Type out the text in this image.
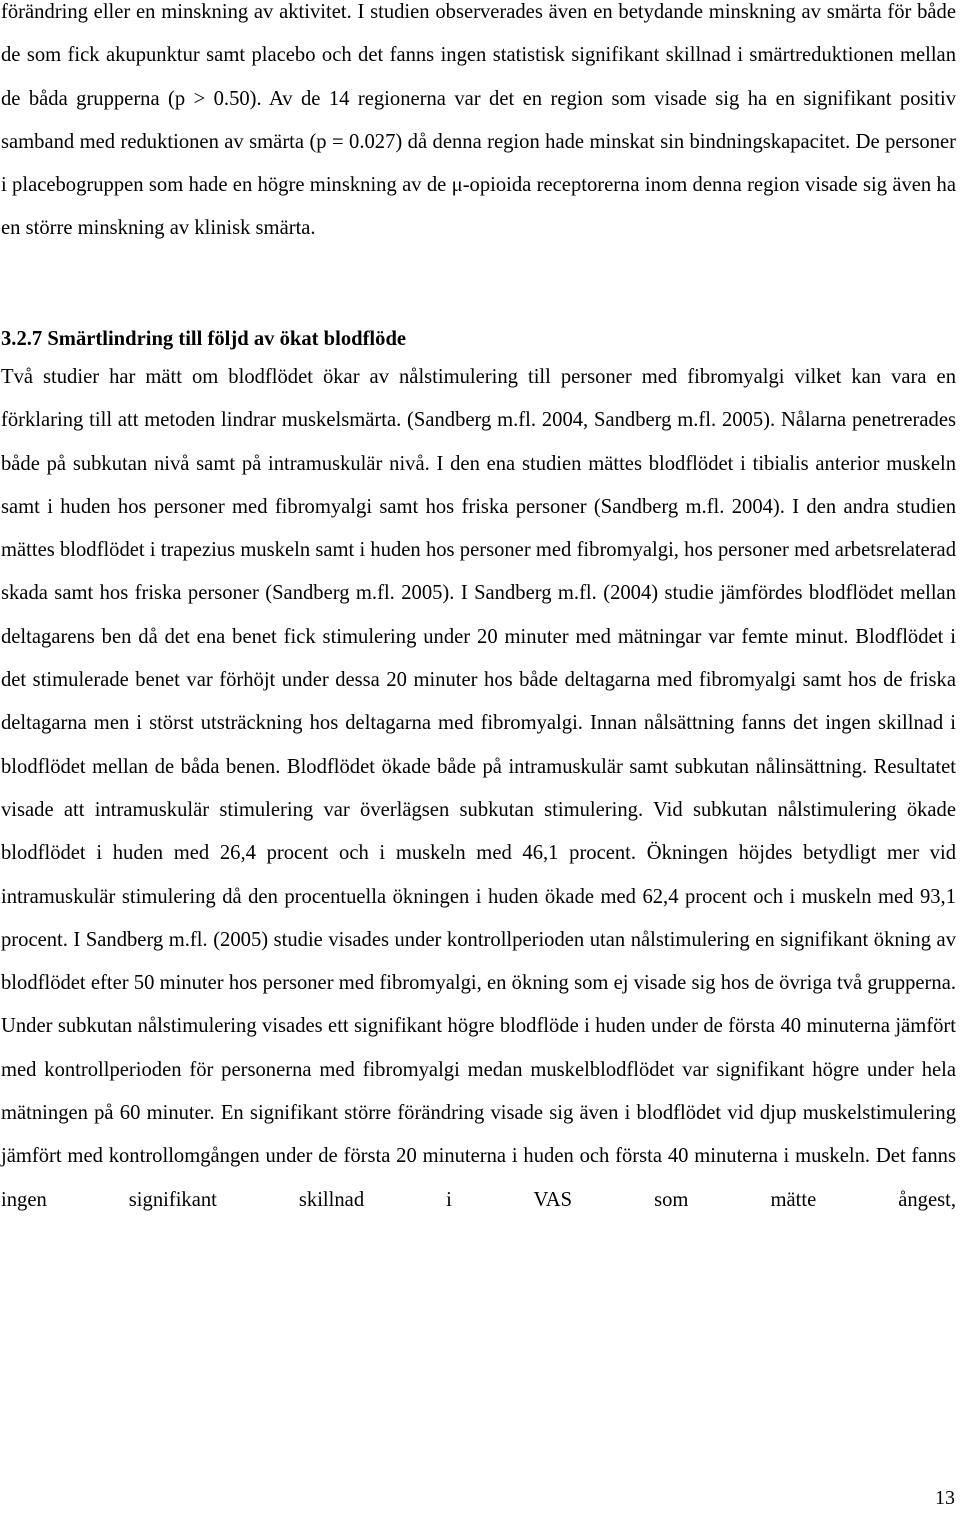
förändring eller en minskning av aktivitet. I studien observerades även en betydande minskning av smärta för både de som fick akupunktur samt placebo och det fanns ingen statistisk signifikant skillnad i smärtreduktionen mellan de båda grupperna (p > 0.50). Av de 14 regionerna var det en region som visade sig ha en signifikant positiv samband med reduktionen av smärta (p = 0.027) då denna region hade minskat sin bindningskapacitet. De personer i placebogruppen som hade en högre minskning av de μ-opioida receptorerna inom denna region visade sig även ha en större minskning av klinisk smärta.

3.2.7 Smärtlindring till följd av ökat blodflöde

Två studier har mätt om blodflödet ökar av nålstimulering till personer med fibromyalgi vilket kan vara en förklaring till att metoden lindrar muskelsmärta. (Sandberg m.fl. 2004, Sandberg m.fl. 2005). Nålarna penetrerades både på subkutan nivå samt på intramuskulär nivå. I den ena studien mättes blodflödet i tibialis anterior muskeln samt i huden hos personer med fibromyalgi samt hos friska personer (Sandberg m.fl. 2004). I den andra studien mättes blodflödet i trapezius muskeln samt i huden hos personer med fibromyalgi, hos personer med arbetsrelaterad skada samt hos friska personer (Sandberg m.fl. 2005). I Sandberg m.fl. (2004) studie jämfördes blodflödet mellan deltagarens ben då det ena benet fick stimulering under 20 minuter med mätningar var femte minut. Blodflödet i det stimulerade benet var förhöjt under dessa 20 minuter hos både deltagarna med fibromyalgi samt hos de friska deltagarna men i störst utsträckning hos deltagarna med fibromyalgi. Innan nålsättning fanns det ingen skillnad i blodflödet mellan de båda benen. Blodflödet ökade både på intramuskulär samt subkutan nålinsättning. Resultatet visade att intramuskulär stimulering var överlägsen subkutan stimulering. Vid subkutan nålstimulering ökade blodflödet i huden med 26,4 procent och i muskeln med 46,1 procent. Ökningen höjdes betydligt mer vid intramuskulär stimulering då den procentuella ökningen i huden ökade med 62,4 procent och i muskeln med 93,1 procent. I Sandberg m.fl. (2005) studie visades under kontrollperioden utan nålstimulering en signifikant ökning av blodflödet efter 50 minuter hos personer med fibromyalgi, en ökning som ej visade sig hos de övriga två grupperna. Under subkutan nålstimulering visades ett signifikant högre blodflöde i huden under de första 40 minuterna jämfört med kontrollperioden för personerna med fibromyalgi medan muskelblodflödet var signifikant högre under hela mätningen på 60 minuter. En signifikant större förändring visade sig även i blodflödet vid djup muskelstimulering jämfört med kontrollomgången under de första 20 minuterna i huden och första 40 minuterna i muskeln. Det fanns ingen signifikant skillnad i VAS som mätte ångest,

13
